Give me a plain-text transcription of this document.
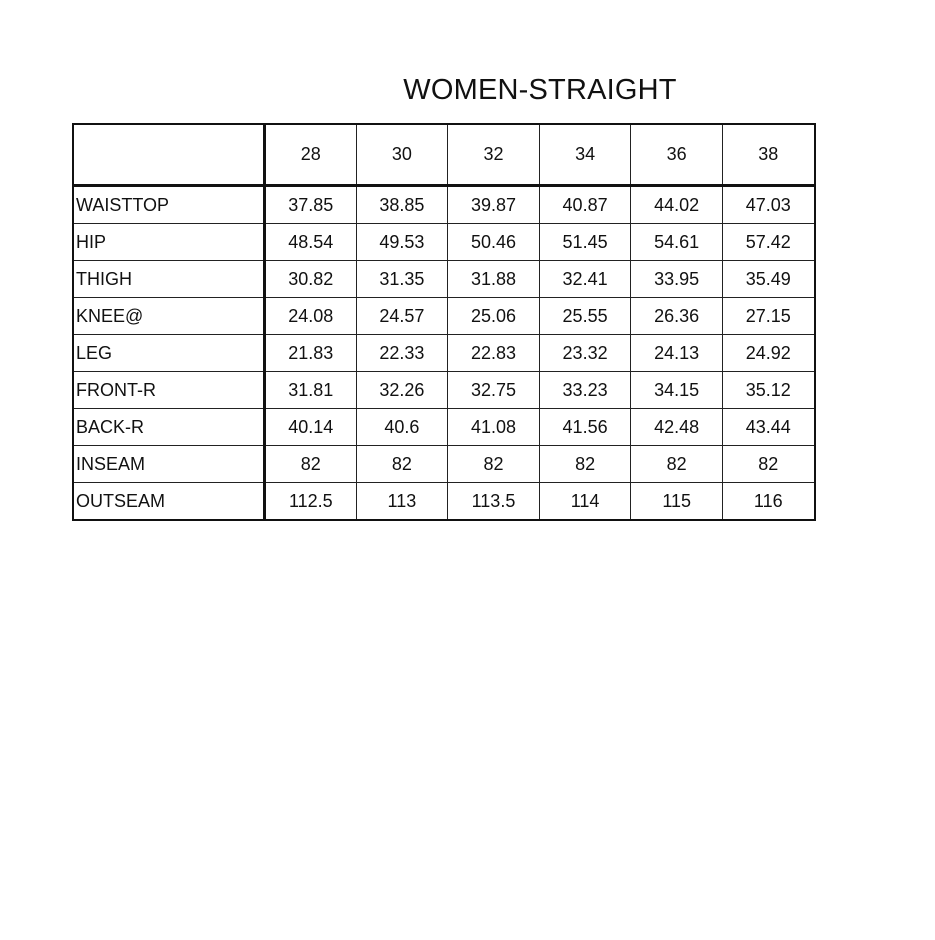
WOMEN-STRAIGHT
	28	30	32	34	36	38
WAISTTOP	37.85	38.85	39.87	40.87	44.02	47.03
HIP	48.54	49.53	50.46	51.45	54.61	57.42
THIGH	30.82	31.35	31.88	32.41	33.95	35.49
KNEE@	24.08	24.57	25.06	25.55	26.36	27.15
LEG	21.83	22.33	22.83	23.32	24.13	24.92
FRONT-R	31.81	32.26	32.75	33.23	34.15	35.12
BACK-R	40.14	40.6	41.08	41.56	42.48	43.44
INSEAM	82	82	82	82	82	82
OUTSEAM	112.5	113	113.5	114	115	116
